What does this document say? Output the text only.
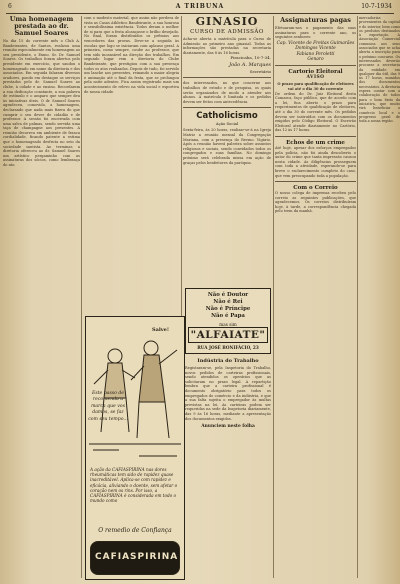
6	A TRIBUNA	10-7-1934

Uma homenagem prestada ao dr. Samuel Soares

No dia 15 do corrente mês o Club A. Bandeirantes, de Santos, realizou uma reunião especialmente em homenagem ao seu presidente, o Exmo. Sr. Dr. Samuel Soares. Os trabalhos foram abertos pelo presidente em exercício, que saudou o homenageado em nome da diretoria e dos associados. Em seguida falaram diversos oradores, pondo em destaque os serviços prestados pelo dr. Samuel Soares ao clube, à cidade e ao ensino. Recordaram a sua dedicação constante, a sua palavra de estímulo e o amparo que sempre deu às iniciativas úteis. O dr. Samuel Soares agradeceu, comovido, a homenagem, declarando que nada mais fizera do que cumprir o seu dever de cidadão e de professor. A sessão foi encerrada com uma salva de palmas, sendo servida uma taça de champagne aos presentes. A reunião decorreu em ambiente de franca cordialidade, ficando patente a estima que o homenageado desfruta no seio da sociedade santista. Ao terminar, a diretoria ofereceu ao dr. Samuel Soares um artístico pergaminho com as assinaturas dos sócios, como lembrança do ato.

com o modesto material, que assim não perdera de vista as Casas Athletico Bandeirante, a sua honrosa e sensibilíssima existência. Todos deram o melhor de si para que a festa alcançasse o brilho desejado. No final, foram distribuídos os prêmios aos vencedores das provas. Deve-se a seguida às escolas que logo se iniciaram com aplauso geral. A primeira, como sempre, coube ao professor, que tem sido incansável na direção dos trabalhos. Em segundo lugar vem a diretoria do Clube Bandeirante, que prestigiou com a sua presença todos os atos realizados. Depois de tudo, foi servido um lanche aos presentes, reinando a maior alegria e animação até o final da festa, que se prolongou pela noite adentro. Fica assim registrado mais um acontecimento de relevo na vida social e esportiva de nossa cidade.

GINÁSIO

CURSO DE ADMISSÃO

Acha-se aberta a matrícula para o Curso de Admissão ao primeiro ano ginasial. Todas as informações são prestadas na secretaria diariamente, das 8 às 16 horas.

Piracicaba, 10-7-34.

João A. Marques

Secretário

dos interessados, no que concerne aos trabalhos de estudo e de pesquisa, os quais serão organizados de modo a atender aos alunos. A matrícula é limitada e os pedidos devem ser feitos com antecedência.

Catholicismo

Ação Social

Sexta-feira, às 20 horas, realizar-se-á na Igreja Matriz a reunião mensal da Congregação Mariana, com a presença do Revmo. Vigário. Após a reunião haverá palestra sobre assuntos religiosos e sociais, sendo convidados todos os congregados e suas famílias. No domingo próximo será celebrada missa em ação de graças pelos benfeitores da paróquia.

Assignaturas pagas

Efetuaram-nos o pagamento das suas assinaturas para o corrente ano, os seguintes senhores:

Cap. Vicente de Freitas Guimarães
Domingos Vicente
Fabiano Peroletti
Genaro

Cartorio Eleitoral

AVISO

O prazo para qualificação de eleitores vai até o dia 30 do corrente

De ordem do Dr. Juiz Eleitoral desta Comarca, faço público, que de acordo com a lei, fica aberto o prazo para requerimentos de qualificação de eleitores, até o dia 30 do corrente mês. Os pedidos devem ser instruídos com os documentos exigidos pelo Código Eleitoral. O Escrivão Eleitoral atende diariamente no Cartório, das 12 às 17 horas.

Echos de um crime

Até hoje, apesar dos esforços empregados pela polícia, não foi ainda descoberto o autor do crime que tanta impressão causou nesta cidade. As diligências prosseguem com toda a atividade, esperando-se para breve o esclarecimento completo do caso, que vem preocupando toda a população.

Com o Correio

O nosso colega de imprensa recebeu pelo correio as seguintes publicações, que agradecemos. Os correios distribuíram hoje, à tarde, a correspondência chegada pelo trem da manhã.

mercadorias provenientes da capital e do interior, bem como os produtos destinados à exportação. A Associação Comercial comunica aos seus associados que se acha aberta a inscrição para o próximo concurso. Os interessados deverão procurar a secretaria da entidade em qualquer dia útil, das 9 às 17 horas, munidos dos documentos necessários. A diretoria espera contar com a colaboração de todos para o bom êxito da iniciativa, que muito virá beneficiar o comércio local e o progresso geral de toda a nossa região.

Não é Doutor

Não é Rei

Não é Príncipe

Não é Papa

mas sim

"ALFAIATE"

RUA JOSÉ BONIFÁCIO, 23

Indústria do Trabalho

Registaram-se, pela Inspetoria do Trabalho, novos pedidos de carteiras profissionais, sendo atendidos os operários que as solicitaram no prazo legal. A repartição lembra que a carteira profissional é documento obrigatório para todos os empregados do comércio e da indústria, e que a sua falta sujeita o empregador às multas previstas na lei. As carteiras podem ser requeridas na sede da Inspetoria diariamente, das 9 às 16 horas, mediante a apresentação dos documentos exigidos.

Anunciem neste folha

Este passo de recomenda a marca que vos damos, se faz com seu tempo...
Salve!
A ação da CAFIASPIRINA nas dores rheumáticas tem sido de rapidez quase inacreditável. Aplica-se com rapidez e eficácia, aliviando o doente, sem afetar o coração nem os rins. Por isso, a CAFIASPIRINA é considerada em todo o mundo como
O remedio de Confiança
CAFIASPIRINA
